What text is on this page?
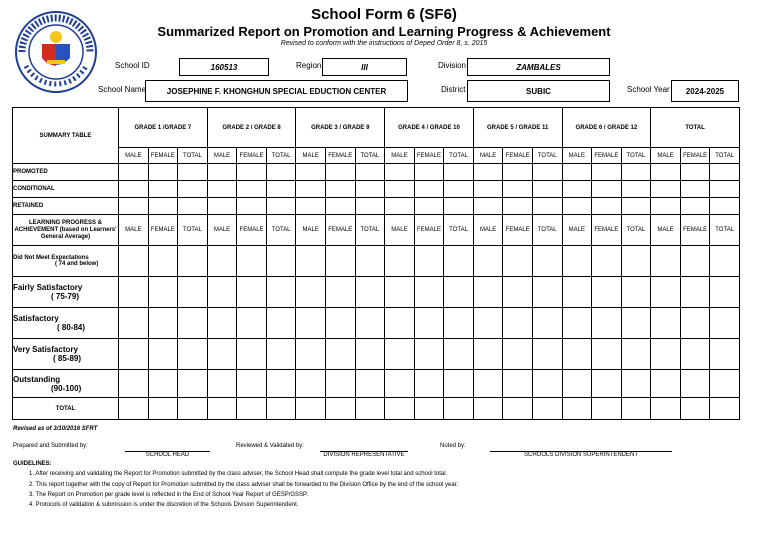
School Form 6 (SF6)
Summarized Report on Promotion and Learning Progress & Achievement
Revised to conform with the instructions of Deped Order 8, s. 2015
School ID	160513	Region	III	Division	ZAMBALES
School Name	JOSEPHINE F. KHONGHUN SPECIAL EDUCTION CENTER	District	SUBIC	School Year	2024-2025
SUMMARY TABLE	GRADE 1 /GRADE 7			GRADE 2 / GRADE 8			GRADE 3 / GRADE 9			GRADE 4 / GRADE 10			GRADE 5 / GRADE 11			GRADE 6 / GRADE 12			TOTAL		
	MALE	FEMALE	TOTAL	MALE	FEMALE	TOTAL	MALE	FEMALE	TOTAL	MALE	FEMALE	TOTAL	MALE	FEMALE	TOTAL	MALE	FEMALE	TOTAL	MALE	FEMALE	TOTAL
PROMOTED																					
CONDITIONAL																					
RETAINED																					
LEARNING PROGRESS & ACHIEVEMENT (based on Learners' General Average)	MALE	FEMALE	TOTAL	MALE	FEMALE	TOTAL	MALE	FEMALE	TOTAL	MALE	FEMALE	TOTAL	MALE	FEMALE	TOTAL	MALE	FEMALE	TOTAL	MALE	FEMALE	TOTAL
Did Not Meet Expectations
( 74 and below)																					
Fairly Satisfactory
( 75-79)																					
Satisfactory
( 80-84)																					
Very Satisfactory
( 85-89)																					
Outstanding
(90-100)																					
TOTAL																					
Revised as of 3/10/2016 SFRT
Prepared and Submitted by:
SCHOOL HEAD
Reviewed & Validated by:
DIVISION REPRESENTATIVE
Noted by:
SCHOOLS DIVISION SUPERINTENDENT
GUIDELINES:
1. After receiving and validating the Report for Promotion submitted by the class adviser, the School Head shall compute the grade level total and school total.
2. This report together with the copy of Report for Promotion submitted by the class adviser shall be forwarded to the Division Office by the end of the school year.
3. The Report on Promotion per grade level is reflected in the End of School Year Report of GESP/GSSP.
4. Protocols of validation & submission is under the discretion of the Schools Division Superintendent.
